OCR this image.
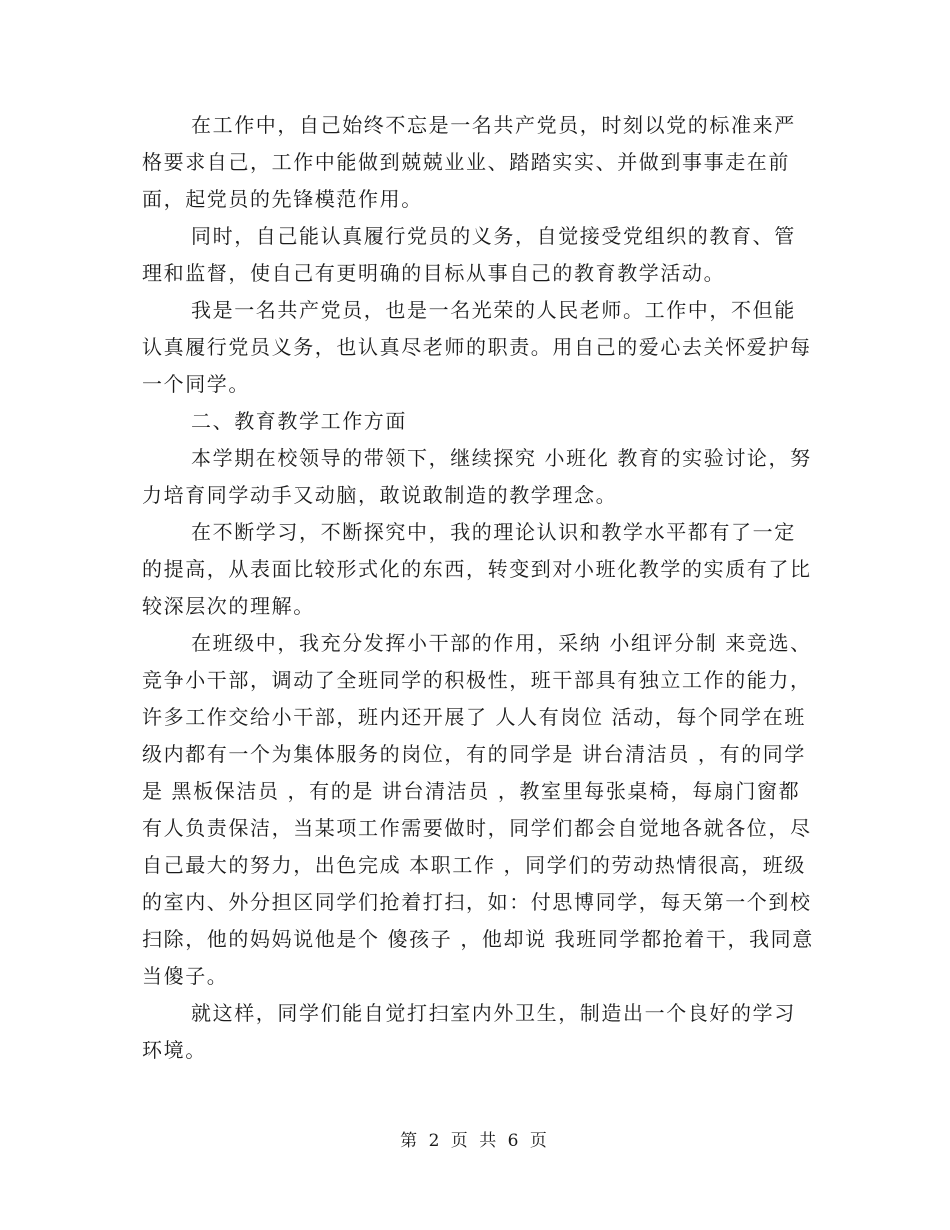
在工作中，自己始终不忘是一名共产党员，时刻以党的标准来严格要求自己，工作中能做到兢兢业业、踏踏实实、并做到事事走在前面，起党员的先锋模范作用。

同时，自己能认真履行党员的义务，自觉接受党组织的教育、管理和监督，使自己有更明确的目标从事自己的教育教学活动。

我是一名共产党员，也是一名光荣的人民老师。工作中，不但能认真履行党员义务，也认真尽老师的职责。用自己的爱心去关怀爱护每一个同学。

二、教育教学工作方面

本学期在校领导的带领下，继续探究 小班化 教育的实验讨论，努力培育同学动手又动脑，敢说敢制造的教学理念。

在不断学习，不断探究中，我的理论认识和教学水平都有了一定的提高，从表面比较形式化的东西，转变到对小班化教学的实质有了比较深层次的理解。

在班级中，我充分发挥小干部的作用，采纳 小组评分制 来竞选、竞争小干部，调动了全班同学的积极性，班干部具有独立工作的能力，许多工作交给小干部，班内还开展了 人人有岗位 活动，每个同学在班级内都有一个为集体服务的岗位，有的同学是 讲台清洁员 ，有的同学是 黑板保洁员 ，有的是 讲台清洁员 ，教室里每张桌椅，每扇门窗都有人负责保洁，当某项工作需要做时，同学们都会自觉地各就各位，尽自己最大的努力，出色完成 本职工作 ，同学们的劳动热情很高，班级的室内、外分担区同学们抢着打扫，如：付思博同学，每天第一个到校扫除，他的妈妈说他是个 傻孩子 ，他却说 我班同学都抢着干，我同意当傻子。

就这样，同学们能自觉打扫室内外卫生，制造出一个良好的学习环境。

第 2 页 共 6 页
